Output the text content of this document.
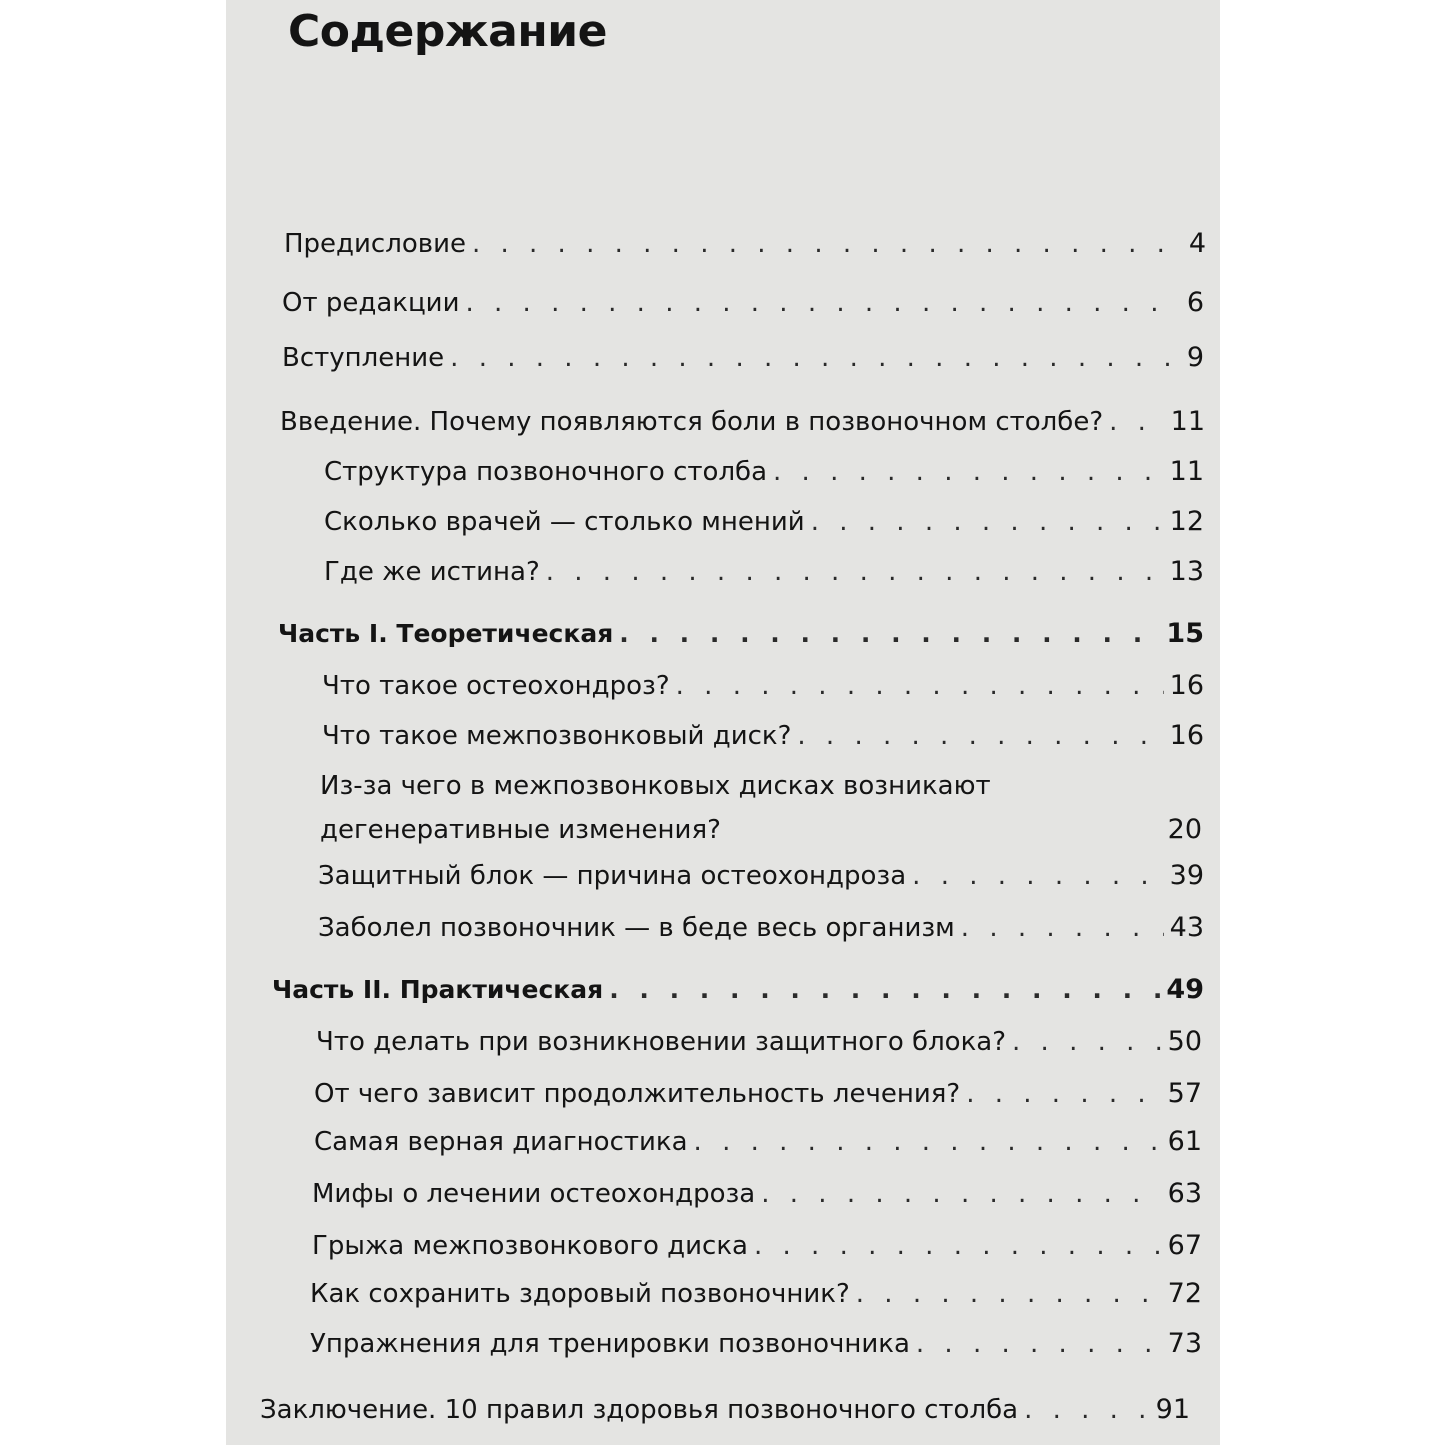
Содержание
Предисловие . . .	4
От редакции . . .	6
Вступление . . .	9
Введение. Почему появляются боли в позвоночном столбе? . . .	11
Структура позвоночного столба . . .	11
Сколько врачей — столько мнений . . .	12
Где же истина? . . .	13
Часть I. Теоретическая . . .	15
Что такое остеохондроз? . . .	16
Что такое межпозвонковый диск? . . .	16
Из-за чего в межпозвонковых дисках возникают
дегенеративные изменения?	20
Защитный блок — причина остеохондроза . . .	39
Заболел позвоночник — в беде весь организм . . .	43
Часть II. Практическая . . .	49
Что делать при возникновении защитного блока? . . .	50
От чего зависит продолжительность лечения? . . .	57
Самая верная диагностика . . .	61
Мифы о лечении остеохондроза . . .	63
Грыжа межпозвонкового диска . . .	67
Как сохранить здоровый позвоночник? . . .	72
Упражнения для тренировки позвоночника . . .	73
Заключение. 10 правил здоровья позвоночного столба . . .	91
